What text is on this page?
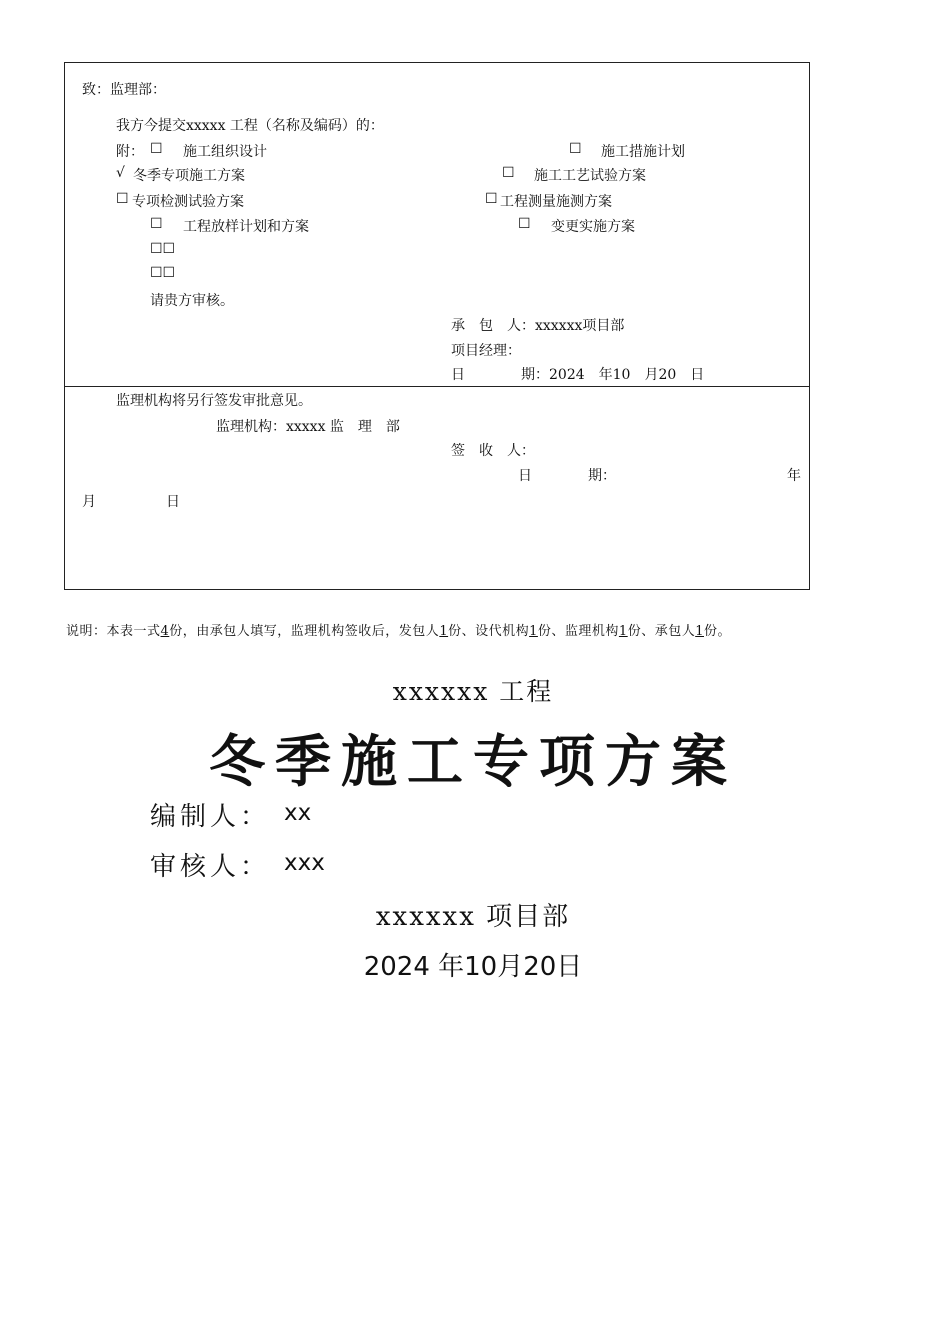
致：监理部：
我方今提交xxxxx 工程（名称及编码）的：
附： ☐ 施工组织设计	☐ 施工措施计划
√ 冬季专项施工方案	☐ 施工工艺试验方案
☐ 专项检测试验方案	☐ 工程测量施测方案
☐ 工程放样计划和方案	☐ 变更实施方案
☐☐
☐☐
请贵方审核。
承　包　人：xxxxxx项目部
项目经理：
日　　　　期：2024　年10　月20　日
监理机构将另行签发审批意见。
监理机构：xxxxx 监　理　部
签　收　人：
日　　　　期：	年
月	日
说明：本表一式4份，由承包人填写，监理机构签收后，发包人1份、设代机构1份、监理机构1份、承包人1份。
xxxxxx 工程
冬季施工专项方案
编制人： xx
审核人： xxx
xxxxxx 项目部
2024 年10月20日
